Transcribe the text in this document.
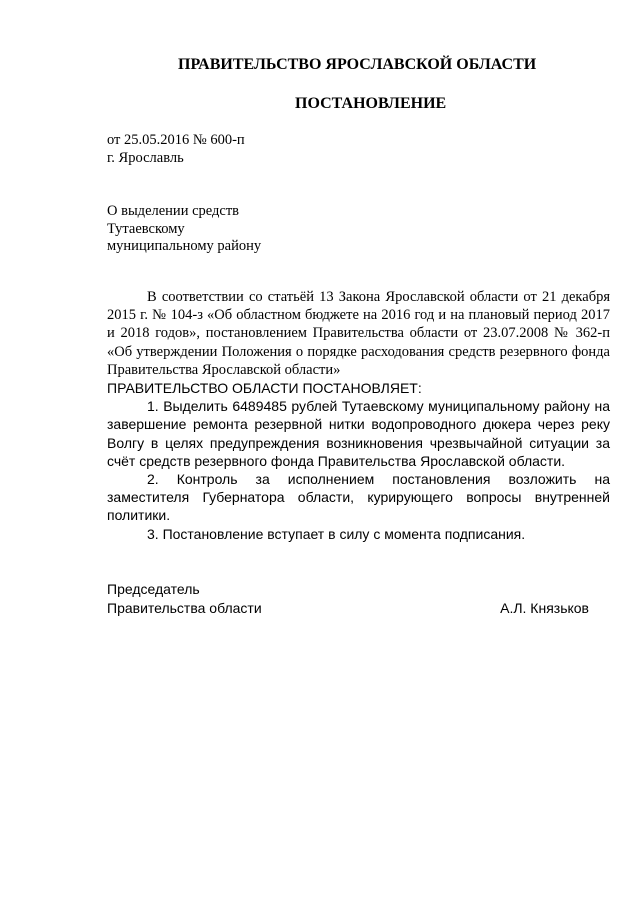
ПРАВИТЕЛЬСТВО ЯРОСЛАВСКОЙ ОБЛАСТИ
ПОСТАНОВЛЕНИЕ
от 25.05.2016 № 600-п
г. Ярославль
О выделении средств
Тутаевскому
муниципальному району

В соответствии со статьёй 13 Закона Ярославской области от 21 декабря 2015 г. № 104-з «Об областном бюджете на 2016 год и на плановый период 2017 и 2018 годов», постановлением Правительства области от 23.07.2008 № 362-п «Об утверждении Положения о порядке расходования средств резервного фонда Правительства Ярославской области»

ПРАВИТЕЛЬСТВО ОБЛАСТИ ПОСТАНОВЛЯЕТ:

1. Выделить 6489485 рублей Тутаевскому муниципальному району на завершение ремонта резервной нитки водопроводного дюкера через реку Волгу в целях предупреждения возникновения чрезвычайной ситуации за счёт средств резервного фонда Правительства Ярославской области.

2. Контроль за исполнением постановления возложить на заместителя Губернатора области, курирующего вопросы внутренней политики.

3. Постановление вступает в силу с момента подписания.

Председатель
Правительства области	А.Л. Князьков
